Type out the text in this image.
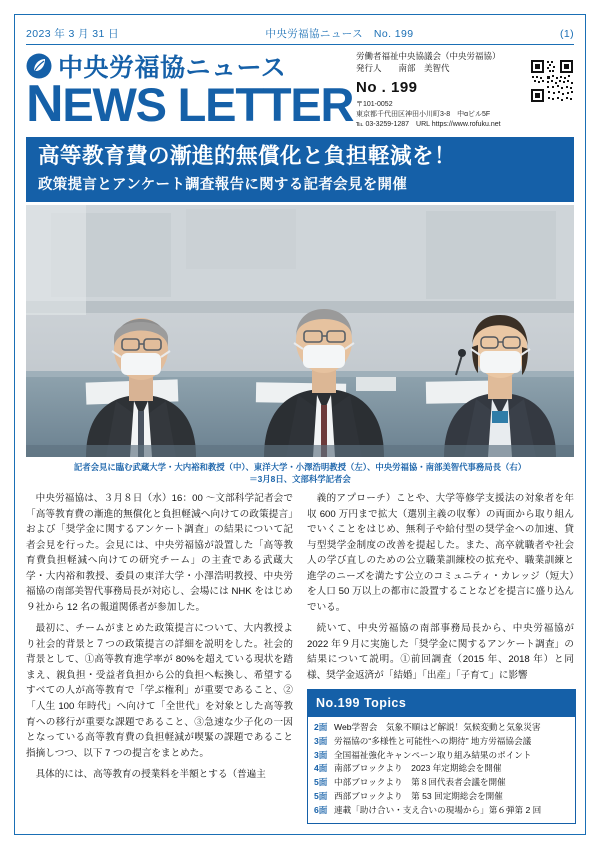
2023 年 3 月 31 日	中央労福協ニュース　No. 199	(1)
中央労福協ニュース
NEWS LETTER
労働者福祉中央協議会（中央労福協）
発行人　　南部　美智代
No . 199
〒101-0052
東京都千代田区神田小川町3-8　中ɑビル5F
℡ 03-3259-1287　URL https://www.rofuku.net
高等教育費の漸進的無償化と負担軽減を！
政策提言とアンケート調査報告に関する記者会見を開催
記者会見に臨む武蔵大学・大内裕和教授（中）、東洋大学・小澤浩明教授（左）、中央労福協・南部美智代事務局長（右）
＝3月8日、文部科学記者会

中央労福協は、３月８日（水）16：00 ～文部科学記者会で「高等教育費の漸進的無償化と負担軽減へ向けての政策提言」および「奨学金に関するアンケート調査」の結果について記者会見を行った。会見には、中央労福協が設置した「高等教育費負担軽減へ向けての研究チーム」の主査である武蔵大学・大内裕和教授、委員の東洋大学・小澤浩明教授、中央労福協の南部美智代事務局長が対応し、会場には NHK をはじめ９社から 12 名の報道関係者が参加した。

最初に、チームがまとめた政策提言について、大内教授より社会的背景と７つの政策提言の詳細を説明をした。社会的背景として、①高等教育進学率が 80%を超えている現状を踏まえ、親負担・受益者負担から公的負担へ転換し、希望するすべての人が高等教育で「学ぶ権利」が重要であること、②「人生 100 年時代」へ向けて「全世代」を対象とした高等教育への移行が重要な課題であること、③急速な少子化の一因となっている高等教育費の負担軽減が喫緊の課題であること指摘しつつ、以下 7 つの提言をまとめた。

具体的には、高等教育の授業料を半額とする（普遍主

義的アプローチ）ことや、大学等修学支援法の対象者を年収 600 万円まで拡大（選別主義の収奪）の両面から取り組んでいくことをはじめ、無利子や給付型の奨学金への加速、貸与型奨学金制度の改善を提起した。また、高卒就職者や社会人の学び直しのための公立職業訓練校の拡充や、職業訓練と進学のニーズを満たす公立のコミュニティ・カレッジ（短大）を人口 50 万以上の都市に設置することなどを提言に盛り込んでいる。

続いて、中央労福協の南部事務局長から、中央労福協が 2022 年９月に実施した「奨学金に関するアンケート調査」の結果について説明。①前回調査（2015 年、2018 年）と同様、奨学金返済が「結婚」「出産」「子育て」に影響

No.199 Topics
2面 Web学習会　気象不順はど解説！気候変動と気象災害
3面 労福協の“多様性と可能性への期待” 地方労福協会議
3面 全国福祉強化キャンペーン取り組み結果のポイント
4面 南部ブロックより　2023 年定期総会を開催
5面 中部ブロックより　第８回代表者会議を開催
5面 西部ブロックより　第 53 回定期総会を開催
6面 連載「助け合い・支え合いの現場から」第６弾第 2 回
